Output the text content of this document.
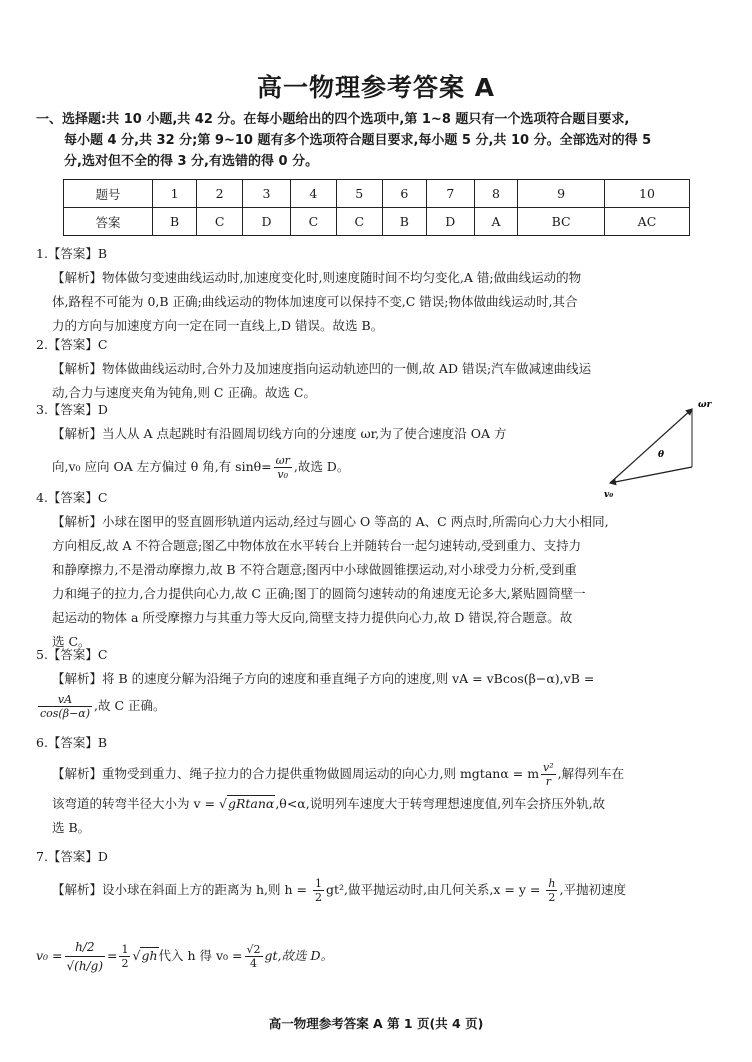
高一物理参考答案 A
一、选择题:共 10 小题,共 42 分。在每小题给出的四个选项中,第 1~8 题只有一个选项符合题目要求,
每小题 4 分,共 32 分;第 9~10 题有多个选项符合题目要求,每小题 5 分,共 10 分。全部选对的得 5
分,选对但不全的得 3 分,有选错的得 0 分。
题号	1	2	3	4	5	6	7	8	9	10
答案	B	C	D	C	C	B	D	A	BC	AC
1.【答案】B
【解析】物体做匀变速曲线运动时,加速度变化时,则速度随时间不均匀变化,A 错;做曲线运动的物
体,路程不可能为 0,B 正确;曲线运动的物体加速度可以保持不变,C 错误;物体做曲线运动时,其合
力的方向与加速度方向一定在同一直线上,D 错误。故选 B。
2.【答案】C
【解析】物体做曲线运动时,合外力及加速度指向运动轨迹凹的一侧,故 AD 错误;汽车做减速曲线运
动,合力与速度夹角为钝角,则 C 正确。故选 C。
3.【答案】D
【解析】当人从 A 点起跳时有沿圆周切线方向的分速度 ωr,为了使合速度沿 OA 方
向,v₀ 应向 OA 左方偏过 θ 角,有 $\sin\theta= \frac{\omega r}{\text{v₀}}$ ,故选 D。
ωr
θ
v₀
4.【答案】C
【解析】小球在图甲的竖直圆形轨道内运动,经过与圆心 O 等高的 A、C 两点时,所需向心力大小相同,
方向相反,故 A 不符合题意;图乙中物体放在水平转台上并随转台一起匀速转动,受到重力、支持力
和静摩擦力,不是滑动摩擦力,故 B 不符合题意;图丙中小球做圆锥摆运动,对小球受力分析,受到重
力和绳子的拉力,合力提供向心力,故 C 正确;图丁的圆筒匀速转动的角速度无论多大,紧贴圆筒壁一
起运动的物体 a 所受摩擦力与其重力等大反向,筒壁支持力提供向心力,故 D 错误,符合题意。故
选 C。
5.【答案】C
【解析】将 B 的速度分解为沿绳子方向的速度和垂直绳子方向的速度,则 vA = vBcos(β−α),vB =
$\frac{vA}{\cos(\beta-\alpha)}$ ,故 C 正确。
6.【答案】B
【解析】重物受到重力、绳子拉力的合力提供重物做圆周运动的向心力,则 mgtanα = m $\frac{\text{v²}}{r}$ ,解得列车在
该弯道的转弯半径大小为 v = √gRtanα,θ<α,说明列车速度大于转弯理想速度值,列车会挤压外轨,故
选 B。
7.【答案】D
【解析】设小球在斜面上方的距离为 h,则 $h = \frac{1}{2} gt^2$,做平抛运动时,由几何关系$,x = y = \frac{h}{2}$ ,平抛初速度
$v_0 = \frac{h/2}{√(h/g)} = \frac{1}{2} √gh$代入 h 得 $v_0 = \frac{√2}{4}$ gt,故选 D。
高一物理参考答案 A 第 1 页(共 4 页)
